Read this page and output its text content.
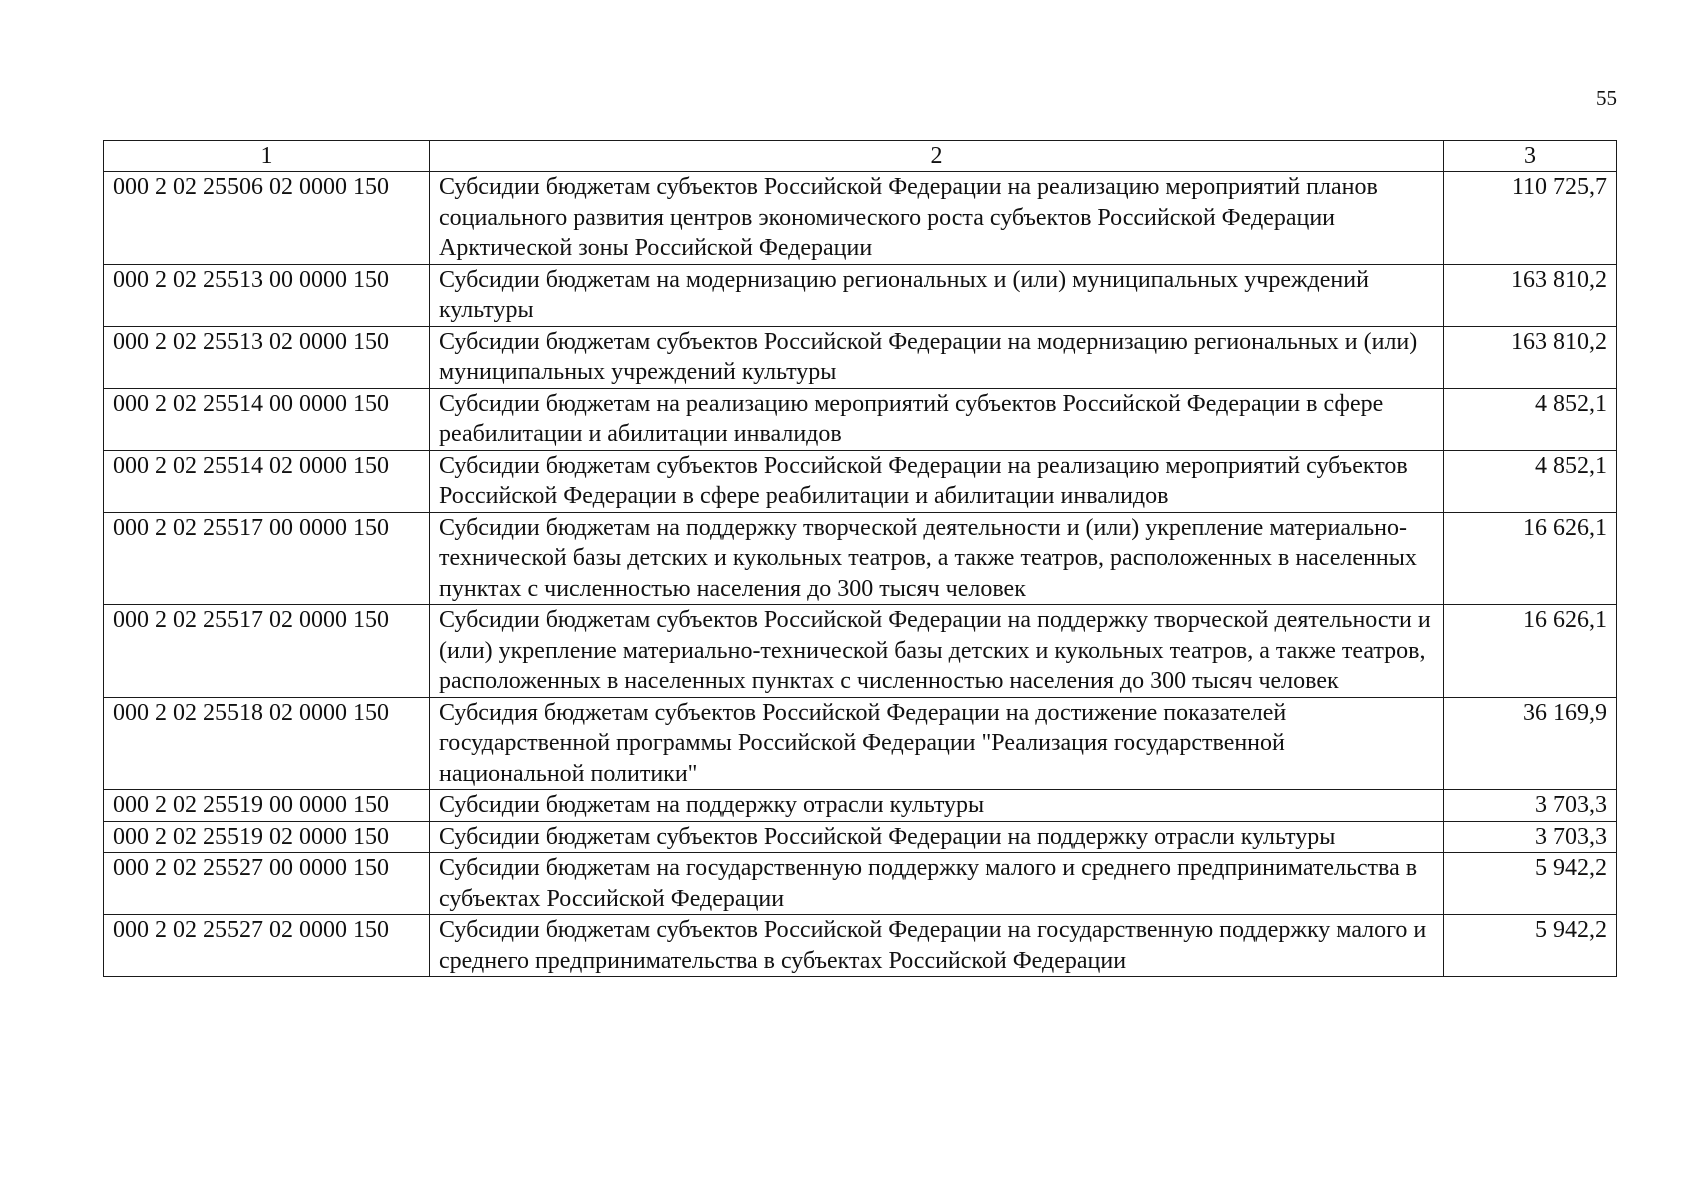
55
1	2	3
000 2 02 25506 02 0000 150	Субсидии бюджетам субъектов Российской Федерации на реализацию мероприятий планов социального развития центров экономического роста субъектов Российской Федерации Арктической зоны Российской Федерации	110 725,7
000 2 02 25513 00 0000 150	Субсидии бюджетам на модернизацию региональных и (или) муниципальных учреждений культуры	163 810,2
000 2 02 25513 02 0000 150	Субсидии бюджетам субъектов Российской Федерации на модернизацию региональных и (или) муниципальных учреждений культуры	163 810,2
000 2 02 25514 00 0000 150	Субсидии бюджетам на реализацию мероприятий субъектов Российской Федерации в сфере реабилитации и абилитации инвалидов	4 852,1
000 2 02 25514 02 0000 150	Субсидии бюджетам субъектов Российской Федерации на реализацию мероприятий субъектов Российской Федерации в сфере реабилитации и абилитации инвалидов	4 852,1
000 2 02 25517 00 0000 150	Субсидии бюджетам на поддержку творческой деятельности и (или) укрепление материально-технической базы детских и кукольных театров, а также театров, расположенных в населенных пунктах с численностью населения до 300 тысяч человек	16 626,1
000 2 02 25517 02 0000 150	Субсидии бюджетам субъектов Российской Федерации на поддержку творческой деятельности и (или) укрепление материально-технической базы детских и кукольных театров, а также театров, расположенных в населенных пунктах с численностью населения до 300 тысяч человек	16 626,1
000 2 02 25518 02 0000 150	Субсидия бюджетам субъектов Российской Федерации на достижение показателей государственной программы Российской Федерации "Реализация государственной национальной политики"	36 169,9
000 2 02 25519 00 0000 150	Субсидии бюджетам на поддержку отрасли культуры	3 703,3
000 2 02 25519 02 0000 150	Субсидии бюджетам субъектов Российской Федерации на поддержку отрасли культуры	3 703,3
000 2 02 25527 00 0000 150	Субсидии бюджетам на государственную поддержку малого и среднего предпринимательства в субъектах Российской Федерации	5 942,2
000 2 02 25527 02 0000 150	Субсидии бюджетам субъектов Российской Федерации на государственную поддержку малого и среднего предпринимательства в субъектах Российской Федерации	5 942,2
